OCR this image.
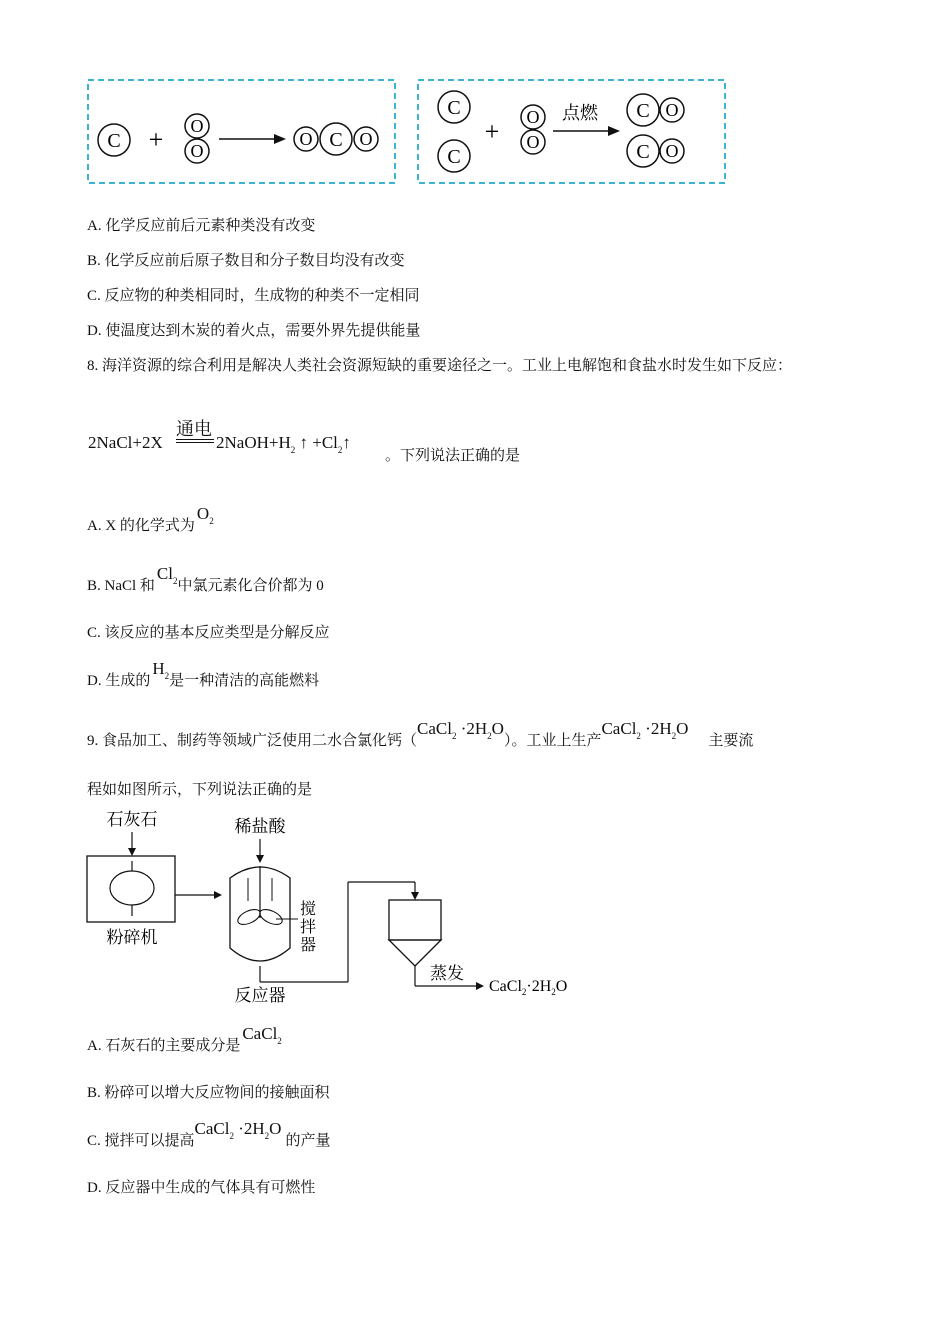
C + O
O
O C O
C
C
+ O
O
点燃 C O
C O
A. 化学反应前后元素种类没有改变
B. 化学反应前后原子数目和分子数目均没有改变
C. 反应物的种类相同时，生成物的种类不一定相同
D. 使温度达到木炭的着火点，需要外界先提供能量
8. 海洋资源的综合利用是解决人类社会资源短缺的重要途径之一。工业上电解饱和食盐水时发生如下反应：
2NaCl+2X
通电
$2NaOH+H_2$ ↑ $+Cl_2↑$
。下列说法正确的是
A. X 的化学式为$O^2$
B. NaCl 和Cl$^2$中氯元素化合价都为 0
C. 该反应的基本反应类型是分解反应
D. 生成的$H^2$是一种清洁的高能燃料
9. 食品加工、制药等领域广泛使用二水合氯化钙（CaCl$_2$ $\cdot 2H_2O$）。工业上生产CaCl$_2$ $\cdot 2H_2O$主要流
程如如图所示，下列说法正确的是
石灰石
粉碎机
稀盐酸
搅
拌
器
反应器
蒸发
$CaCl_2\cdot 2H_2O$
A. 石灰石的主要成分是CaCl$^2$
B. 粉碎可以增大反应物间的接触面积
C. 搅拌可以提高CaCl$_2$ $\cdot 2H_2O$的产量
D. 反应器中生成的气体具有可燃性
